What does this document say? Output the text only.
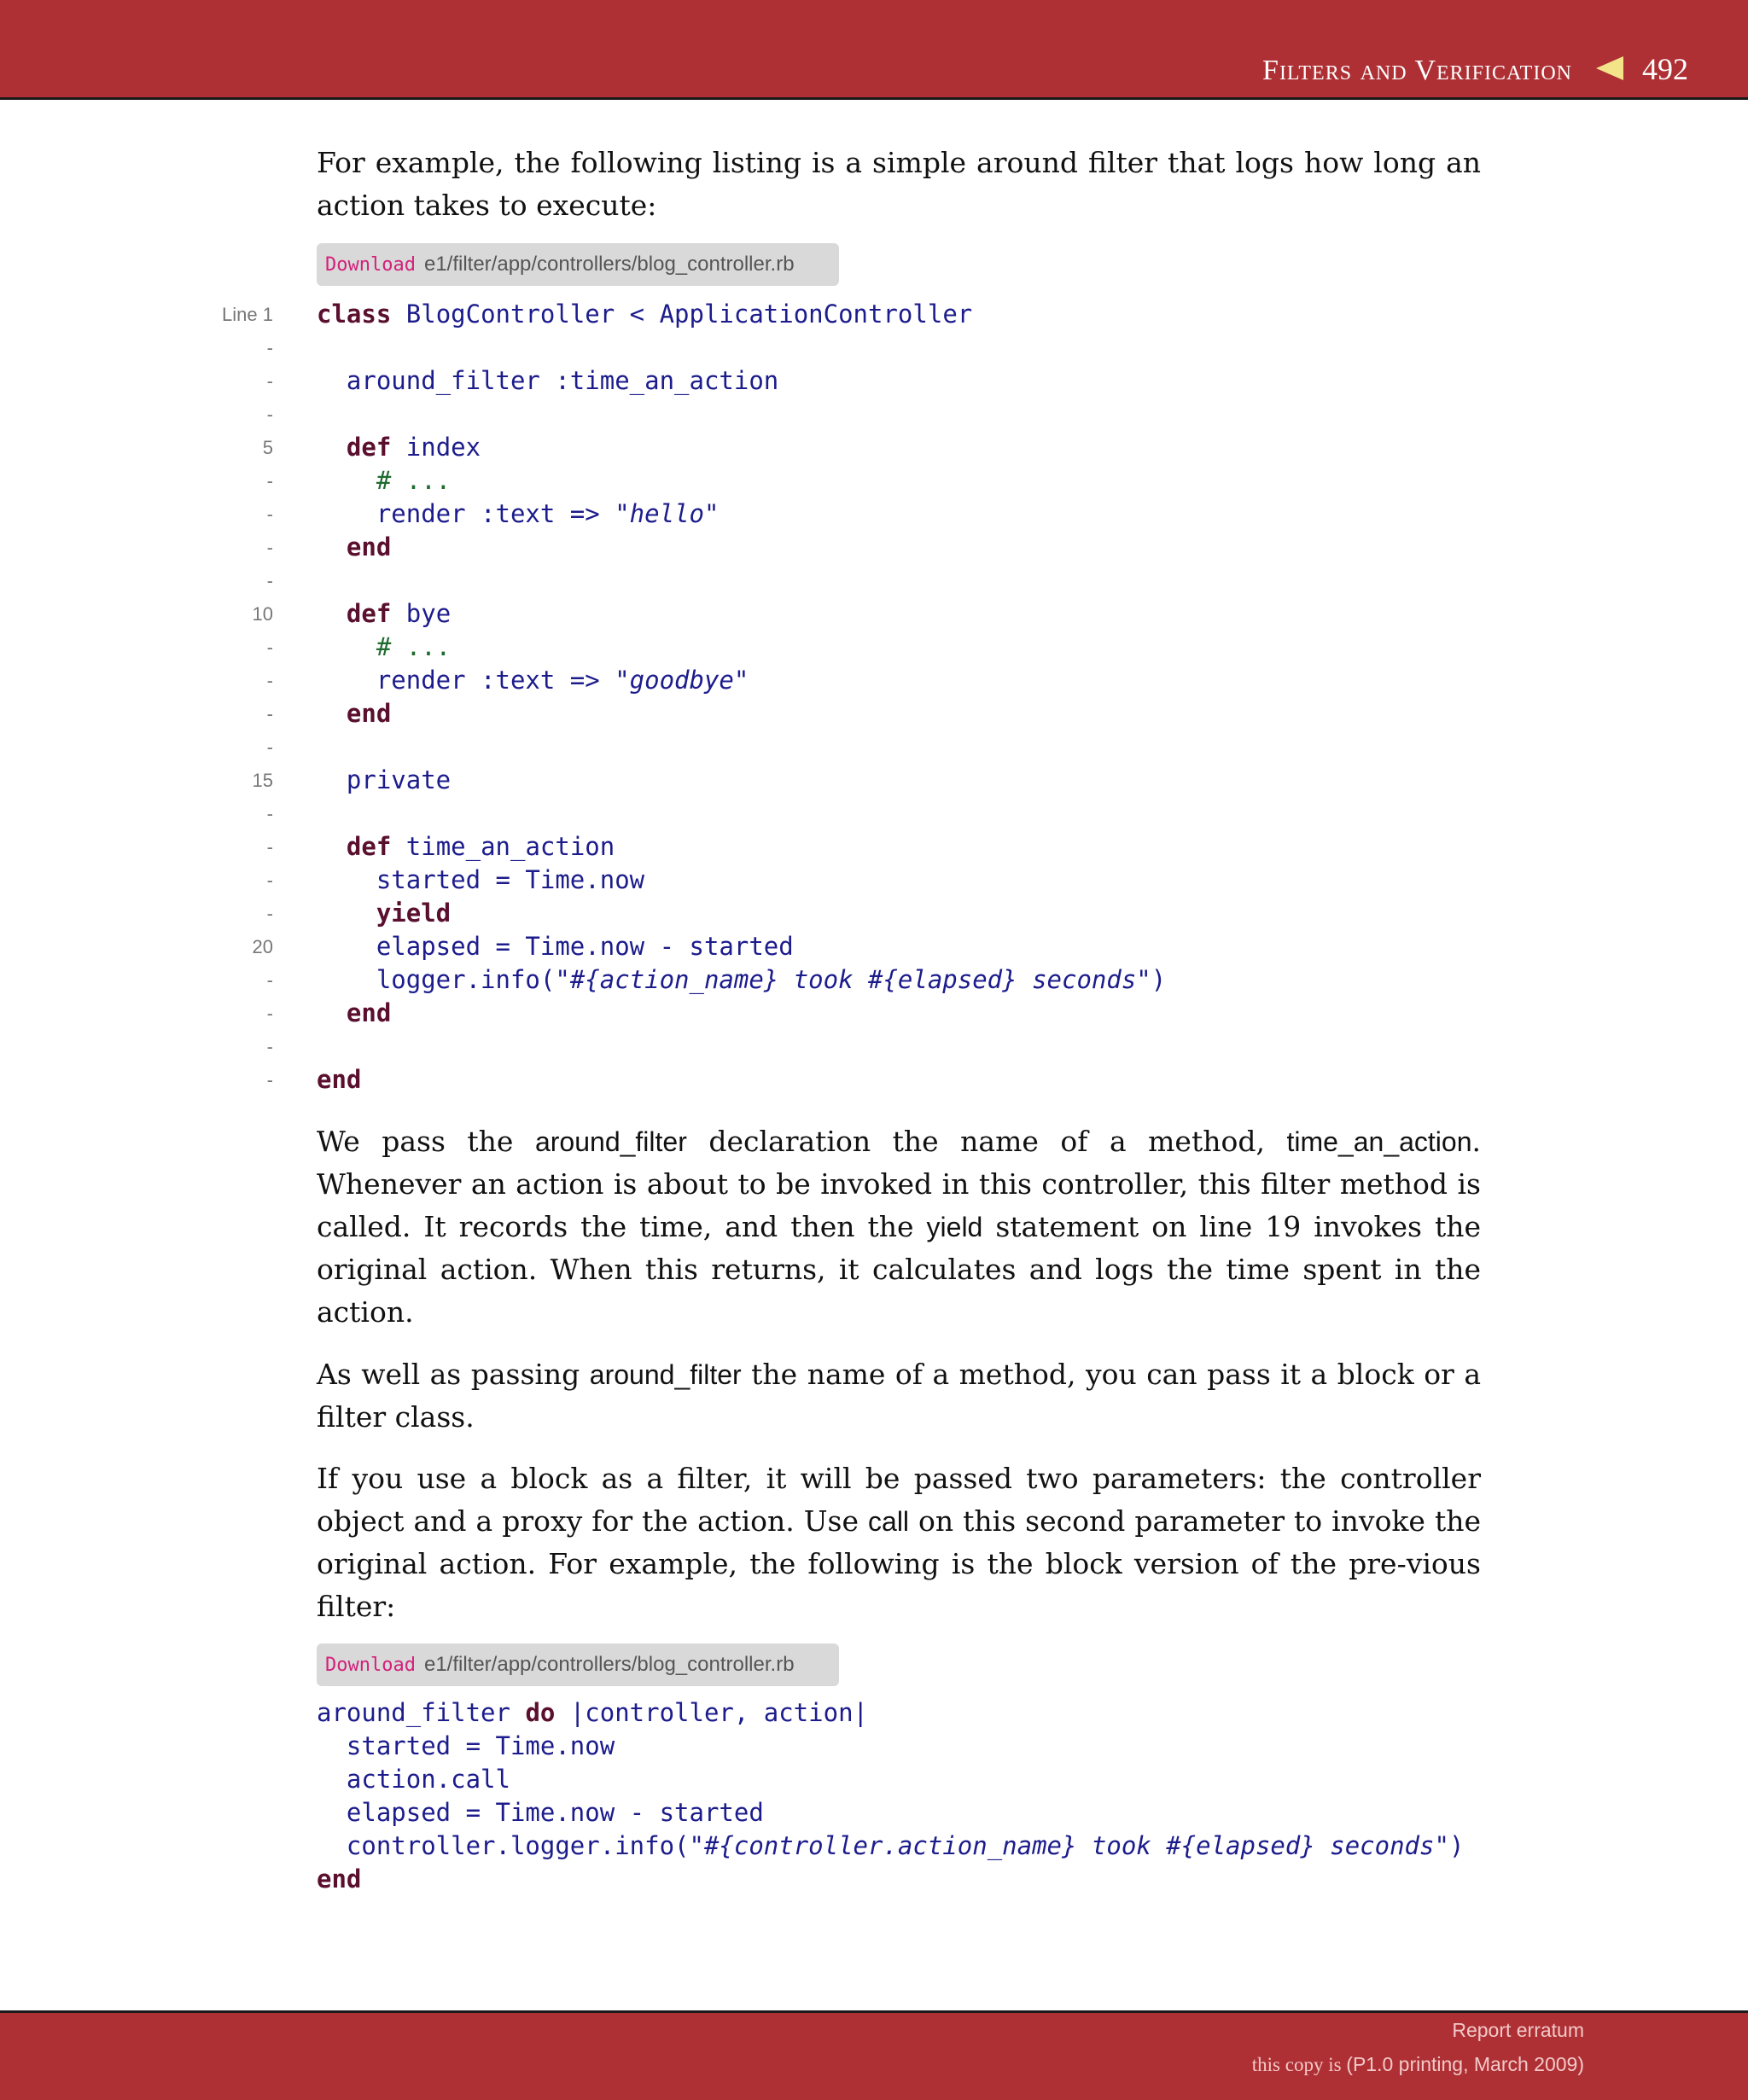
Filters and Verification 492

For example, the following listing is a simple around filter that logs how long an action takes to execute:

Download e1/filter/app/controllers/blog_controller.rb
Line 1
-
-
-
5
-
-
-
-
10
-
-
-
-
15
-
-
-
-
20
-
-
-
-
class BlogController < ApplicationController
around_filter :time_an_action
def index
# ...
render :text => "hello"
end
def bye
# ...
render :text => "goodbye"
end
private
def time_an_action
started = Time.now
yield
elapsed = Time.now - started
logger.info("#{action_name} took #{elapsed} seconds")
end
end

We pass the around_filter declaration the name of a method, time_an_action. Whenever an action is about to be invoked in this controller, this filter method is called. It records the time, and then the yield statement on line 19 invokes the original action. When this returns, it calculates and logs the time spent in the action.

As well as passing around_filter the name of a method, you can pass it a block or a filter class.

If you use a block as a filter, it will be passed two parameters: the controller object and a proxy for the action. Use call on this second parameter to invoke the original action. For example, the following is the block version of the pre-vious filter:

Download e1/filter/app/controllers/blog_controller.rb
around_filter do |controller, action|
started = Time.now
action.call
elapsed = Time.now - started
controller.logger.info("#{controller.action_name} took #{elapsed} seconds")
end
Report erratum
this copy is (P1.0 printing, March 2009)
